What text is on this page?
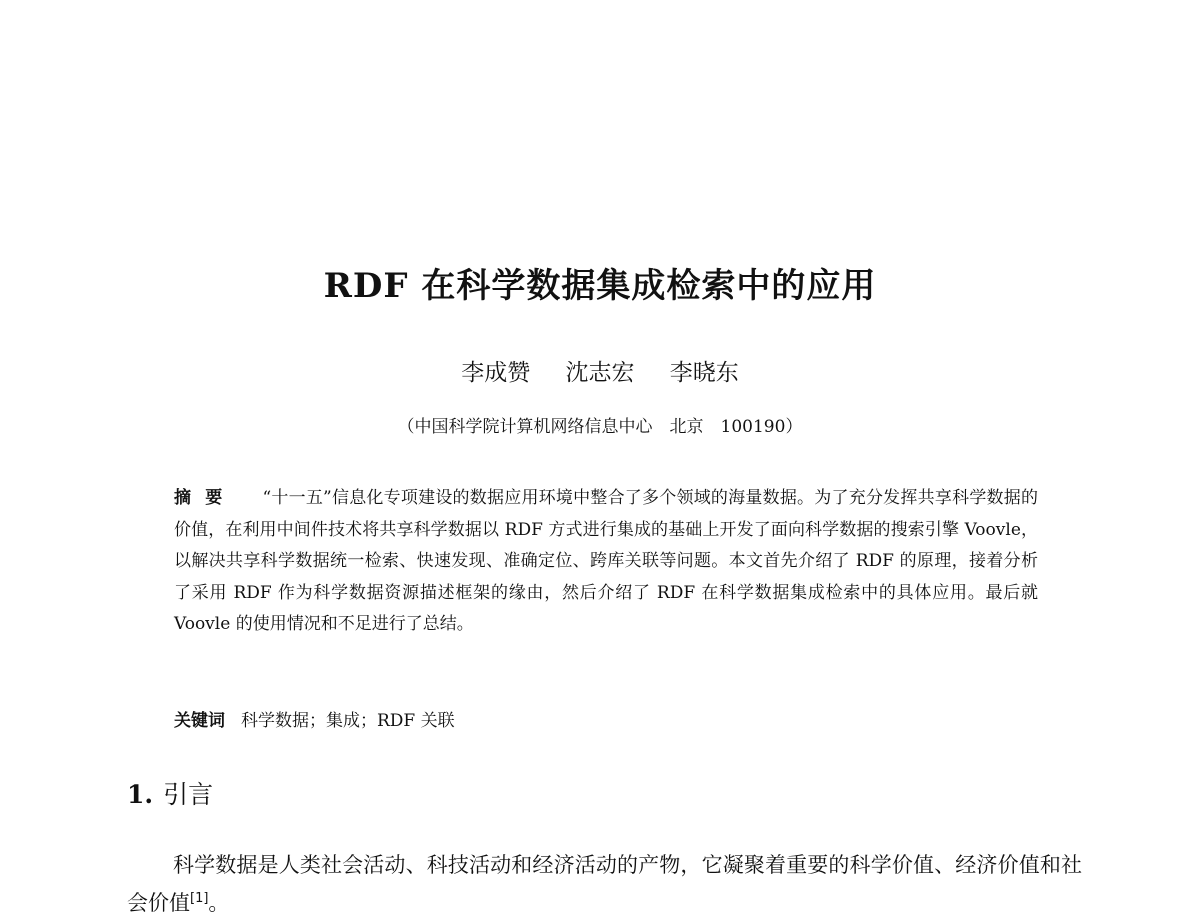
RDF 在科学数据集成检索中的应用
李成赞 沈志宏 李晓东
（中国科学院计算机网络信息中心　北京　100190）
摘要 “十一五”信息化专项建设的数据应用环境中整合了多个领域的海量数据。为了充分发挥共享科学数据的价值，在利用中间件技术将共享科学数据以 RDF 方式进行集成的基础上开发了面向科学数据的搜索引擎 Voovle，以解决共享科学数据统一检索、快速发现、准确定位、跨库关联等问题。本文首先介绍了 RDF 的原理，接着分析了采用 RDF 作为科学数据资源描述框架的缘由，然后介绍了 RDF 在科学数据集成检索中的具体应用。最后就 Voovle 的使用情况和不足进行了总结。
关键词 科学数据；集成；RDF 关联
1. 引言
科学数据是人类社会活动、科技活动和经济活动的产物，它凝聚着重要的科学价值、经济价值和社会价值[1]。
